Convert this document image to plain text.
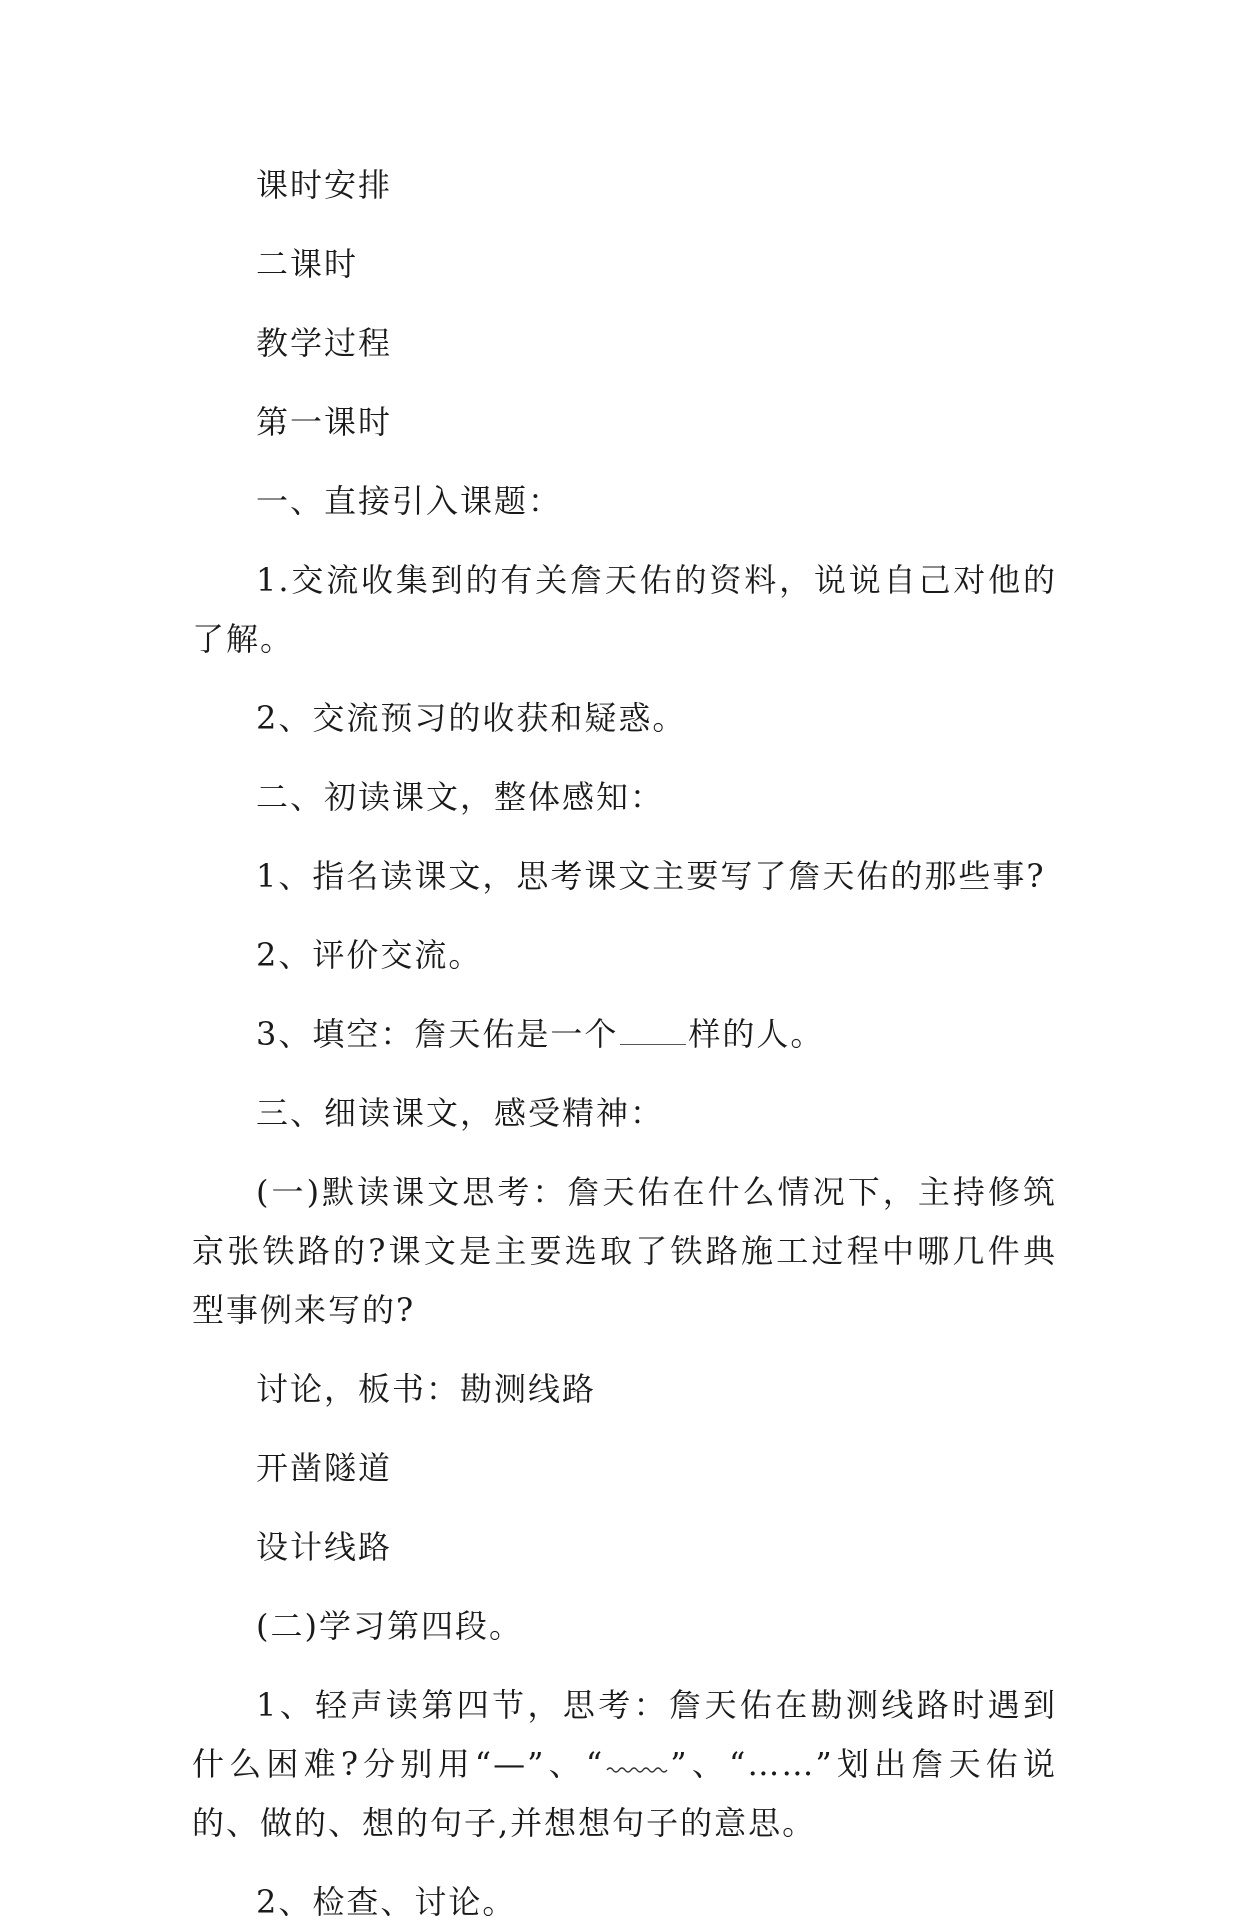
课时安排

二课时

教学过程

第一课时

一、直接引入课题：

1.交流收集到的有关詹天佑的资料，说说自己对他的了解。

2、交流预习的收获和疑惑。

二、初读课文，整体感知：

1、指名读课文，思考课文主要写了詹天佑的那些事?

2、评价交流。

3、填空：詹天佑是一个 样的人。

三、细读课文，感受精神：

(一)默读课文思考：詹天佑在什么情况下，主持修筑京张铁路的?课文是主要选取了铁路施工过程中哪几件典型事例来写的?

讨论，板书：勘测线路

开凿隧道

设计线路

(二)学习第四段。

1、轻声读第四节，思考：詹天佑在勘测线路时遇到什么困难?分别用“—”、“ ”、“……”划出詹天佑说的、做的、想的句子,并想想句子的意思。

2、检查、讨论。
